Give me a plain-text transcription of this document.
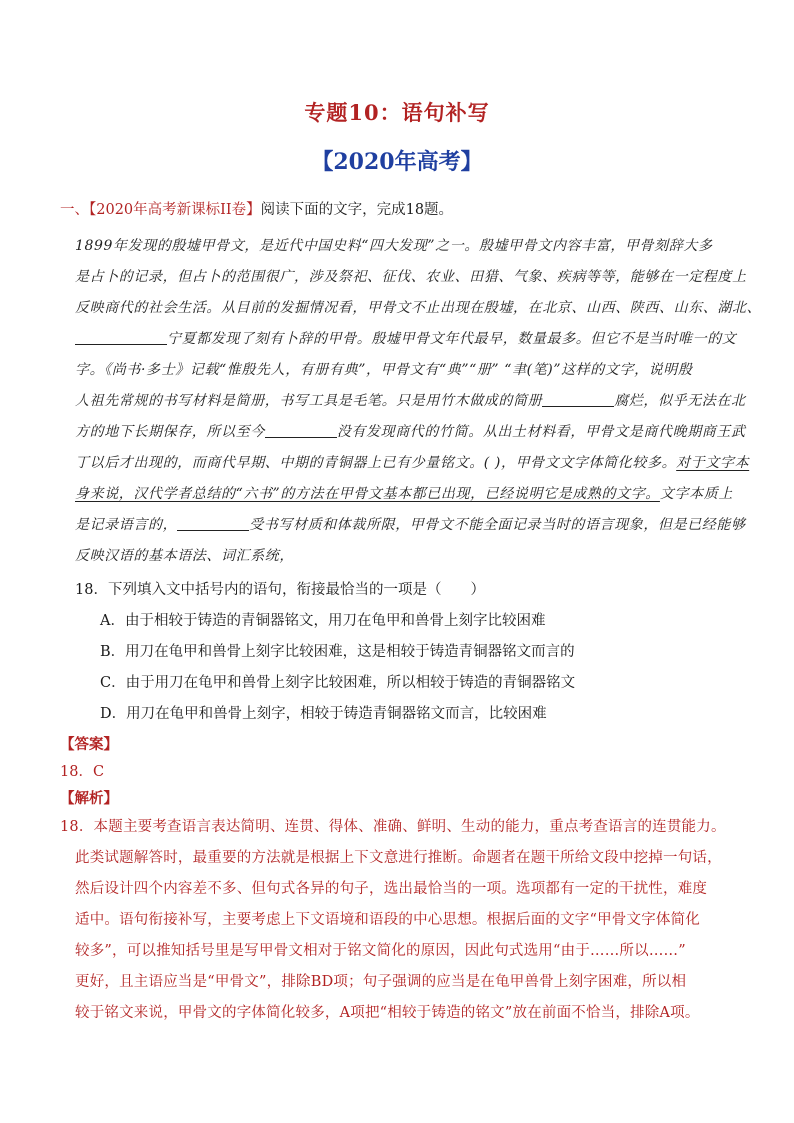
专题10：语句补写
【2020年高考】
一、【2020年高考新课标II卷】阅读下面的文字，完成18题。
1899年发现的殷墟甲骨文，是近代中国史料“四大发现”之一。殷墟甲骨文内容丰富，甲骨刻辞大多
是占卜的记录，但占卜的范围很广，涉及祭祀、征伐、农业、田猎、气象、疾病等等，能够在一定程度上
反映商代的社会生活。从目前的发掘情况看，甲骨文不止出现在殷墟，在北京、山西、陕西、山东、湖北、
宁夏都发现了刻有卜辞的甲骨。殷墟甲骨文年代最早，数量最多。但它不是当时唯一的文
字。《尚书·多士》记载“惟殷先人，有册有典”，甲骨文有“典”“册” “聿(笔)”这样的文字，说明殷
人祖先常规的书写材料是简册，书写工具是毛笔。只是用竹木做成的简册	腐烂，似乎无法在北
方的地下长期保存，所以至今	没有发现商代的竹简。从出土材料看，甲骨文是商代晚期商王武
丁以后才出现的，而商代早期、中期的青铜器上已有少量铭文。( )，甲骨文文字体简化较多。对于文字本
身来说，汉代学者总结的“六书”的方法在甲骨文基本都已出现，已经说明它是成熟的文字。文字本质上
是记录语言的，	受书写材质和体裁所限，甲骨文不能全面记录当时的语言现象，但是已经能够
反映汉语的基本语法、词汇系统，
18．下列填入文中括号内的语句，衔接最恰当的一项是（　　）
A．由于相较于铸造的青铜器铭文，用刀在龟甲和兽骨上刻字比较困难
B．用刀在龟甲和兽骨上刻字比较困难，这是相较于铸造青铜器铭文而言的
C．由于用刀在龟甲和兽骨上刻字比较困难，所以相较于铸造的青铜器铭文
D．用刀在龟甲和兽骨上刻字，相较于铸造青铜器铭文而言，比较困难
【答案】
18．C
【解析】
18．本题主要考查语言表达简明、连贯、得体、准确、鲜明、生动的能力，重点考查语言的连贯能力。
此类试题解答时，最重要的方法就是根据上下文意进行推断。命题者在题干所给文段中挖掉一句话，
然后设计四个内容差不多、但句式各异的句子，选出最恰当的一项。选项都有一定的干扰性，难度
适中。语句衔接补写，主要考虑上下文语境和语段的中心思想。根据后面的文字“甲骨文字体简化
较多”，可以推知括号里是写甲骨文相对于铭文简化的原因，因此句式选用“由于……所以……”
更好，且主语应当是“甲骨文”，排除BD项；句子强调的应当是在龟甲兽骨上刻字困难，所以相
较于铭文来说，甲骨文的字体简化较多，A项把“相较于铸造的铭文”放在前面不恰当，排除A项。
